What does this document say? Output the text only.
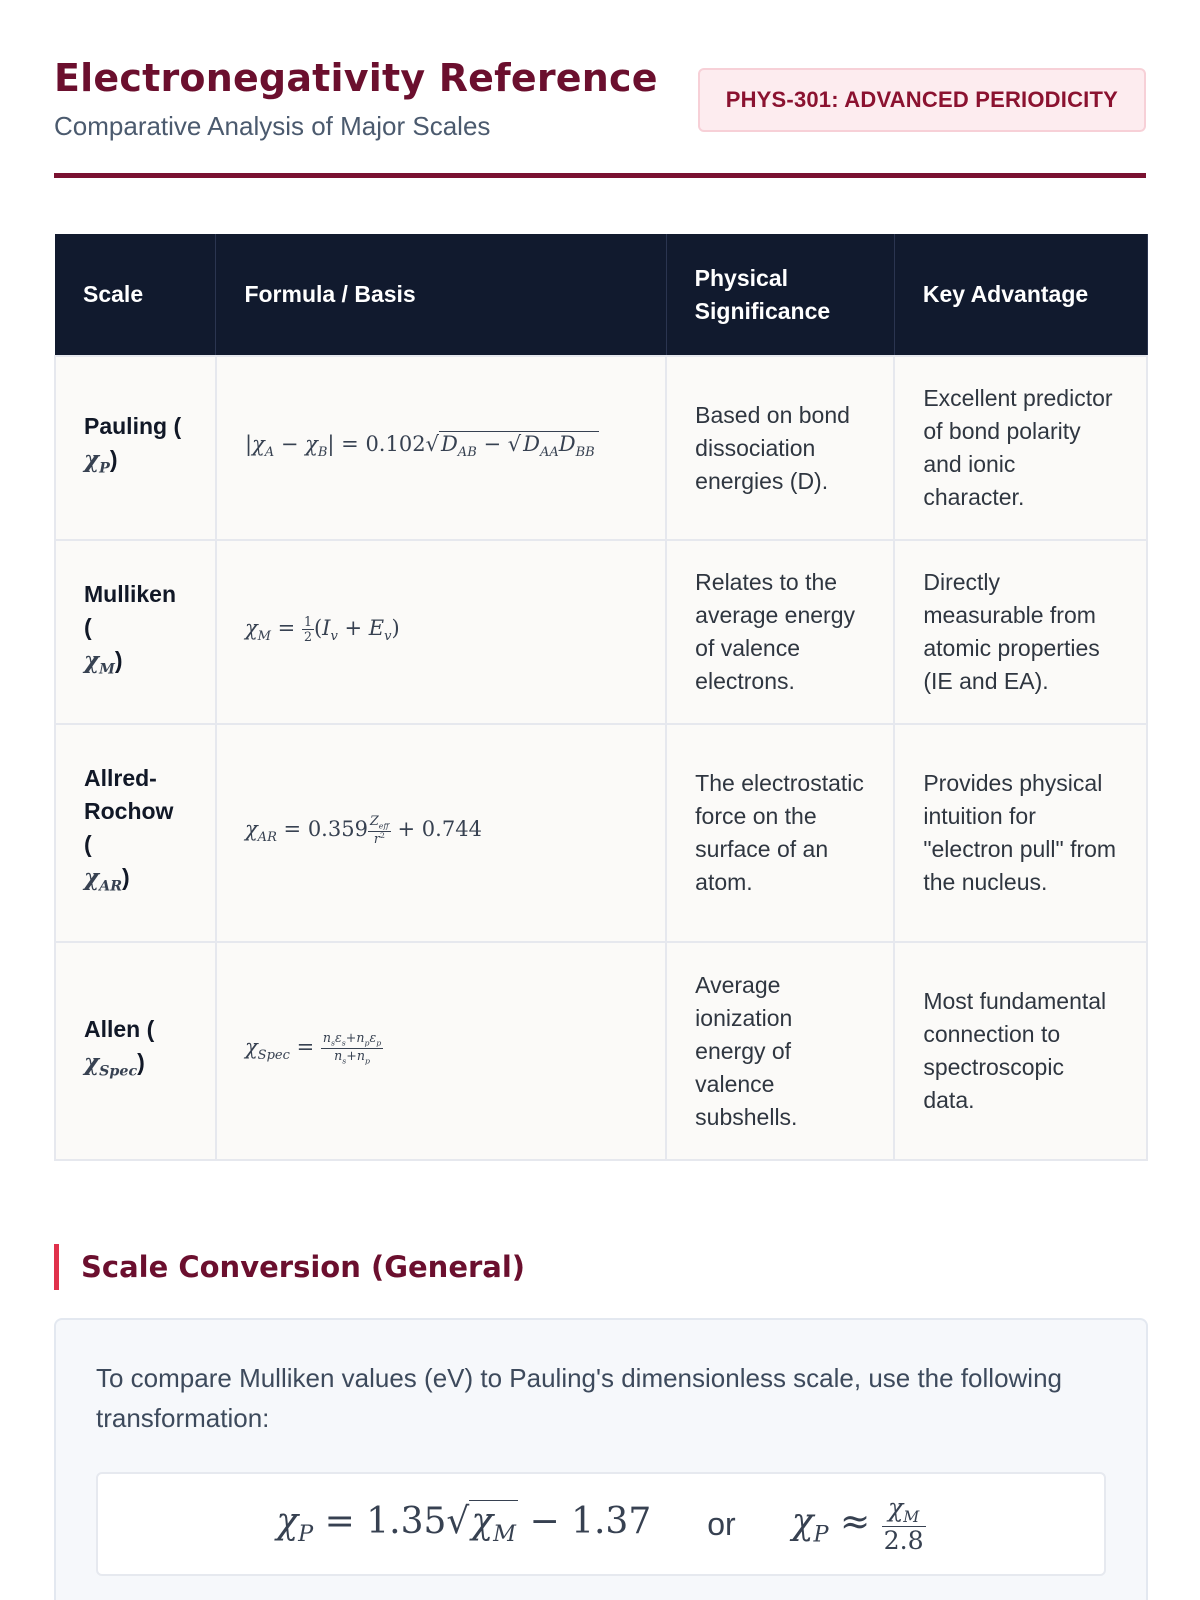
Electronegativity Reference
Comparative Analysis of Major Scales
PHYS-301: ADVANCED PERIODICITY
Scale	Formula / Basis	Physical Significance	Key Advantage
Pauling (
$\chi_P$)	$|\chi_A - \chi_B| = 0.102√D_{AB} - √D_{AA}D_{BB}$	Based on bond dissociation energies (D).	Excellent predictor of bond polarity and ionic character.
Mulliken (
$\chi_M$)	$\chi_M = \frac{1}{2} (I_v + E_v)$	Relates to the average energy of valence electrons.	Directly measurable from atomic properties (IE and EA).
Allred-Rochow (
$\chi_{AR}$)	$\chi_{AR} = 0.359 \frac{Z_{eff}}{r^2} + 0.744$	The electrostatic force on the surface of an atom.	Provides physical intuition for "electron pull" from the nucleus.
Allen (
$\chi_{Spec}$)	$\chi_{Spec} = \frac{n_s\varepsilon_s+n_p\varepsilon_p}{n_s+n_p}$	Average ionization energy of valence subshells.	Most fundamental connection to spectroscopic data.
Scale Conversion (General)
To compare Mulliken values (eV) to Pauling's dimensionless scale, use the following transformation:
$\chi_P = 1.35√\chi_M - 1.37$ or $\chi_P \approx \frac{\chi_M}{2.8}$
